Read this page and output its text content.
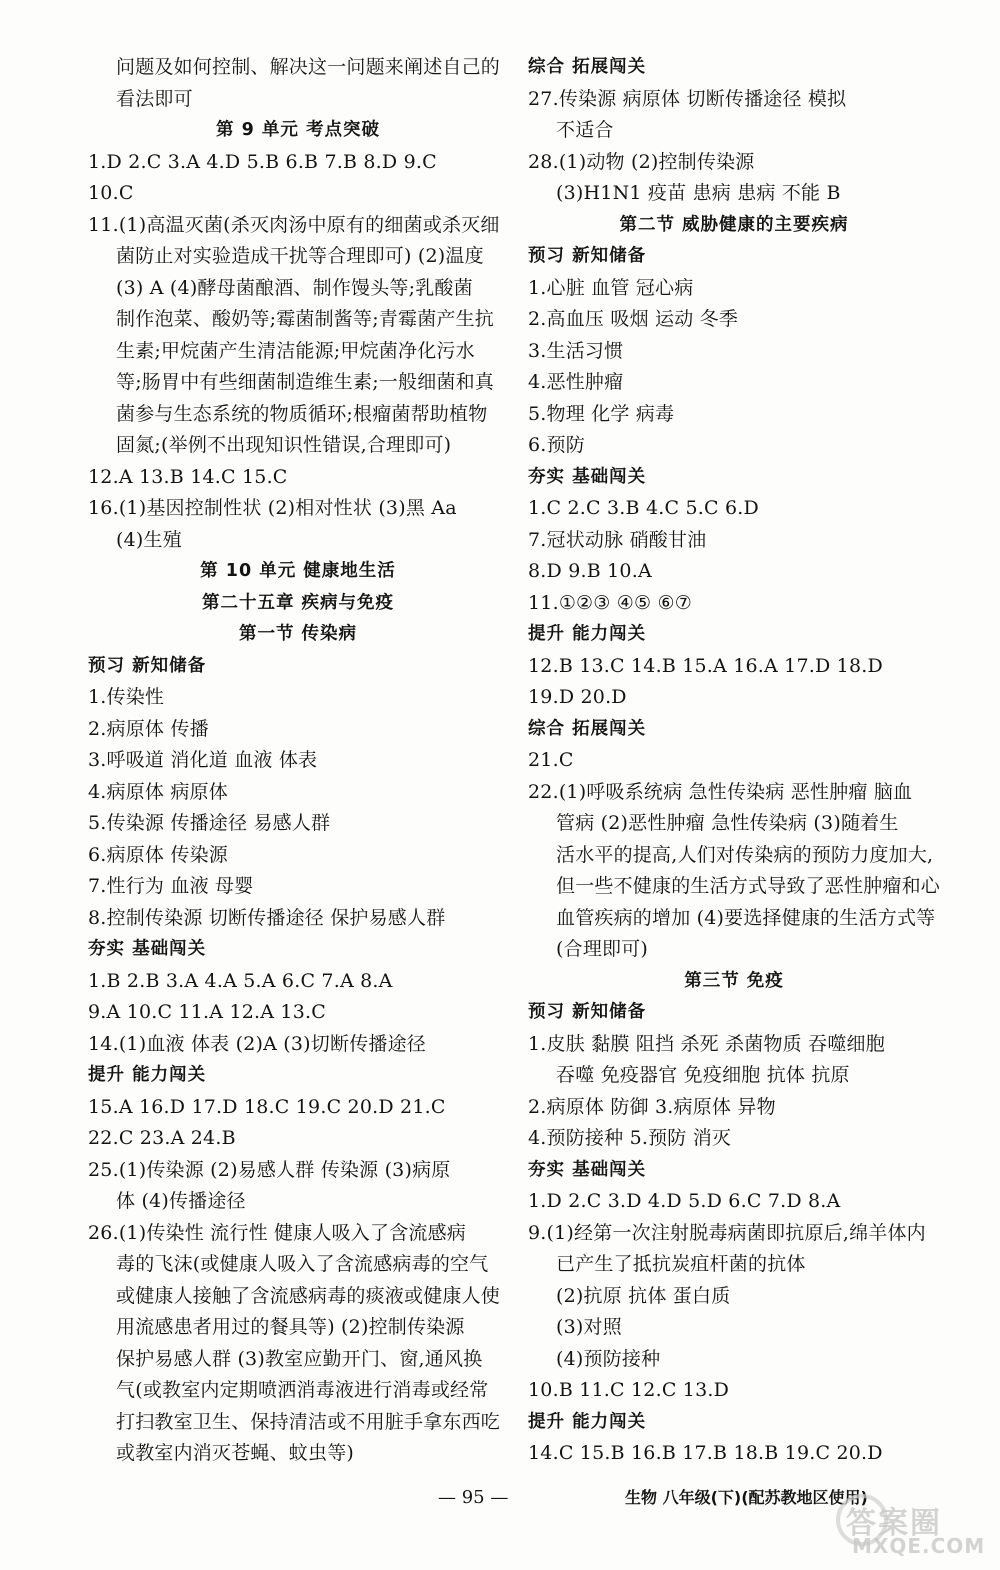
问题及如何控制、解决这一问题来阐述自己的
看法即可
第 9 单元 考点突破
1.D 2.C 3.A 4.D 5.B 6.B 7.B 8.D 9.C
10.C
11.(1)高温灭菌(杀灭肉汤中原有的细菌或杀灭细
菌防止对实验造成干扰等合理即可) (2)温度
(3) A (4)酵母菌酿酒、制作馒头等;乳酸菌
制作泡菜、酸奶等;霉菌制酱等;青霉菌产生抗
生素;甲烷菌产生清洁能源;甲烷菌净化污水
等;肠胃中有些细菌制造维生素;一般细菌和真
菌参与生态系统的物质循环;根瘤菌帮助植物
固氮;(举例不出现知识性错误,合理即可)
12.A 13.B 14.C 15.C
16.(1)基因控制性状 (2)相对性状 (3)黑 Aa
(4)生殖
第 10 单元 健康地生活
第二十五章 疾病与免疫
第一节 传染病
预习 新知储备
1.传染性
2.病原体 传播
3.呼吸道 消化道 血液 体表
4.病原体 病原体
5.传染源 传播途径 易感人群
6.病原体 传染源
7.性行为 血液 母婴
8.控制传染源 切断传播途径 保护易感人群
夯实 基础闯关
1.B 2.B 3.A 4.A 5.A 6.C 7.A 8.A
9.A 10.C 11.A 12.A 13.C
14.(1)血液 体表 (2)A (3)切断传播途径
提升 能力闯关
15.A 16.D 17.D 18.C 19.C 20.D 21.C
22.C 23.A 24.B
25.(1)传染源 (2)易感人群 传染源 (3)病原
体 (4)传播途径
26.(1)传染性 流行性 健康人吸入了含流感病
毒的飞沫(或健康人吸入了含流感病毒的空气
或健康人接触了含流感病毒的痰液或健康人使
用流感患者用过的餐具等) (2)控制传染源
保护易感人群 (3)教室应勤开门、窗,通风换
气(或教室内定期喷洒消毒液进行消毒或经常
打扫教室卫生、保持清洁或不用脏手拿东西吃
或教室内消灭苍蝇、蚊虫等)
综合 拓展闯关
27.传染源 病原体 切断传播途径 模拟
不适合
28.(1)动物 (2)控制传染源
(3)H1N1 疫苗 患病 患病 不能 B
第二节 威胁健康的主要疾病
预习 新知储备
1.心脏 血管 冠心病
2.高血压 吸烟 运动 冬季
3.生活习惯
4.恶性肿瘤
5.物理 化学 病毒
6.预防
夯实 基础闯关
1.C 2.C 3.B 4.C 5.C 6.D
7.冠状动脉 硝酸甘油
8.D 9.B 10.A
11.①②③ ④⑤ ⑥⑦
提升 能力闯关
12.B 13.C 14.B 15.A 16.A 17.D 18.D
19.D 20.D
综合 拓展闯关
21.C
22.(1)呼吸系统病 急性传染病 恶性肿瘤 脑血
管病 (2)恶性肿瘤 急性传染病 (3)随着生
活水平的提高,人们对传染病的预防力度加大,
但一些不健康的生活方式导致了恶性肿瘤和心
血管疾病的增加 (4)要选择健康的生活方式等
(合理即可)
第三节 免疫
预习 新知储备
1.皮肤 黏膜 阻挡 杀死 杀菌物质 吞噬细胞
吞噬 免疫器官 免疫细胞 抗体 抗原
2.病原体 防御 3.病原体 异物
4.预防接种 5.预防 消灭
夯实 基础闯关
1.D 2.C 3.D 4.D 5.D 6.C 7.D 8.A
9.(1)经第一次注射脱毒病菌即抗原后,绵羊体内
已产生了抵抗炭疽杆菌的抗体
(2)抗原 抗体 蛋白质
(3)对照
(4)预防接种
10.B 11.C 12.C 13.D
提升 能力闯关
14.C 15.B 16.B 17.B 18.B 19.C 20.D
— 95 —	生物 八年级(下)(配苏教地区使用)
答案圈
MXQE.COM
